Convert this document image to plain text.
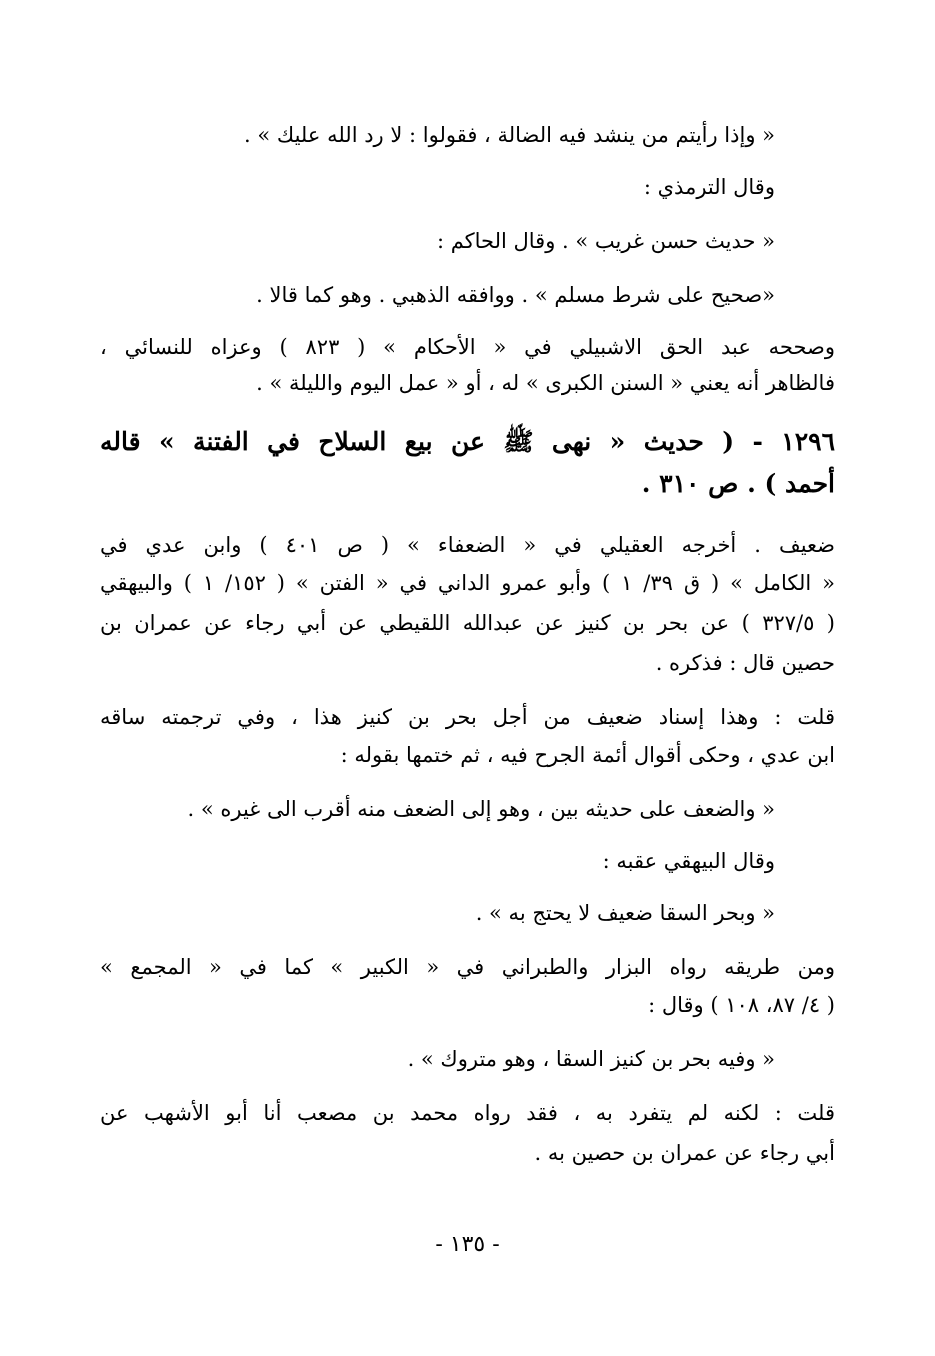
« وإذا رأيتم من ينشد فيه الضالة ، فقولوا : لا رد الله عليك » .
وقال الترمذي :
« حديث حسن غريب » . وقال الحاكم :
«صحيح على شرط مسلم » . ووافقه الذهبي . وهو كما قالا .
وصححه عبد الحق الاشبيلي في « الأحكام » ( ٨٢٣ ) وعزاه للنسائي ،
فالظاهر أنه يعني « السنن الكبرى » له ، أو « عمل اليوم والليلة » .
١٢٩٦ - ( حديث « نهى ﷺ عن بيع السلاح في الفتنة » قاله
أحمد ) . ص ٣١٠ .
ضعيف . أخرجه العقيلي في « الضعفاء » ( ص ٤٠١ ) وابن عدي في
« الكامل » ( ق ٣٩/ ١ ) وأبو عمرو الداني في « الفتن » ( ١٥٢/ ١ ) والبيهقي
( ٣٢٧/٥ ) عن بحر بن كنيز عن عبدالله اللقيطي عن أبي رجاء عن عمران بن
حصين قال : فذكره .
قلت : وهذا إسناد ضعيف من أجل بحر بن كنيز هذا ، وفي ترجمته ساقه
ابن عدي ، وحكى أقوال أئمة الجرح فيه ، ثم ختمها بقوله :
« والضعف على حديثه بين ، وهو إلى الضعف منه أقرب الى غيره » .
وقال البيهقي عقبه :
« وبحر السقا ضعيف لا يحتج به » .
ومن طريقه رواه البزار والطبراني في « الكبير » كما في « المجمع »
( ٤/ ٨٧، ١٠٨ ) وقال :
« وفيه بحر بن كنيز السقا ، وهو متروك » .
قلت : لكنه لم يتفرد به ، فقد رواه محمد بن مصعب أنا أبو الأشهب عن
أبي رجاء عن عمران بن حصين به .
- ١٣٥ -
